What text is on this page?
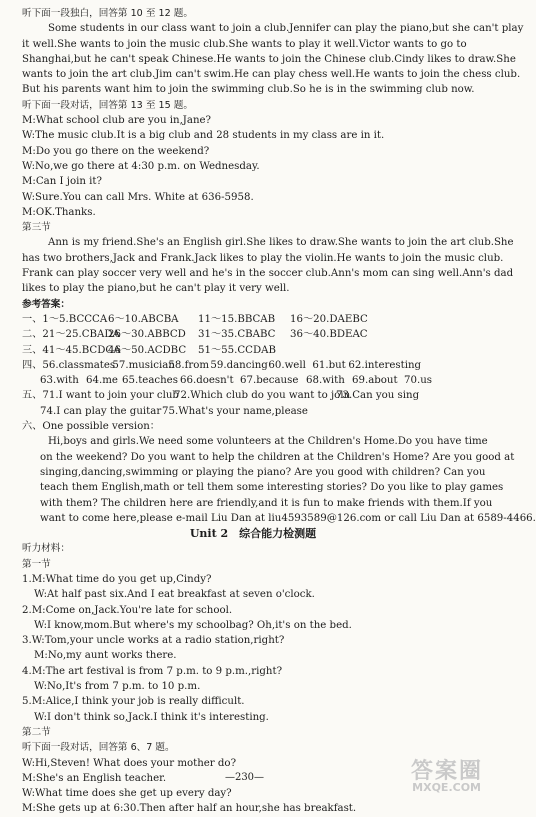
听下面一段独白，回答第 10 至 12 题。
Some students in our class want to join a club.Jennifer can play the piano,but she can't play
it well.She wants to join the music club.She wants to play it well.Victor wants to go to
Shanghai,but he can't speak Chinese.He wants to join the Chinese club.Cindy likes to draw.She
wants to join the art club.Jim can't swim.He can play chess well.He wants to join the chess club.
But his parents want him to join the swimming club.So he is in the swimming club now.
听下面一段对话，回答第 13 至 15 题。
M:What school club are you in,Jane?
W:The music club.It is a big club and 28 students in my class are in it.
M:Do you go there on the weekend?
W:No,we go there at 4:30 p.m. on Wednesday.
M:Can I join it?
W:Sure.You can call Mrs. White at 636-5958.
M:OK.Thanks.
第三节
Ann is my friend.She's an English girl.She likes to draw.She wants to join the art club.She
has two brothers,Jack and Frank.Jack likes to play the violin.He wants to join the music club.
Frank can play soccer very well and he's in the soccer club.Ann's mom can sing well.Ann's dad
likes to play the piano,but he can't play it very well.
参考答案：
一、1～5.BCCCA6～10.ABCBA 11～15.BBCAB 16～20.DAEBC
二、21～25.CBADA26～30.ABBCD 31～35.CBABC 36～40.BDEAC
三、41～45.BCDCA46～50.ACDBC 51～55.CCDAB
四、56.classmates57.musician58.from59.dancing60.well 61.but 62.interesting
63.with 64.me 65.teaches 66.doesn't 67.because 68.with 69.about 70.us
五、71.I want to join your club72.Which club do you want to join73.Can you sing
74.I can play the guitar75.What's your name,please
六、One possible version：
Hi,boys and girls.We need some volunteers at the Children's Home.Do you have time
on the weekend? Do you want to help the children at the Children's Home? Are you good at
singing,dancing,swimming or playing the piano? Are you good with children? Can you
teach them English,math or tell them some interesting stories? Do you like to play games
with them? The children here are friendly,and it is fun to make friends with them.If you
want to come here,please e-mail Liu Dan at liu4593589@126.com or call Liu Dan at 6589-4466.
Unit 2　综合能力检测题
听力材料：
第一节
1.M:What time do you get up,Cindy?
W:At half past six.And I eat breakfast at seven o'clock.
2.M:Come on,Jack.You're late for school.
W:I know,mom.But where's my schoolbag? Oh,it's on the bed.
3.W:Tom,your uncle works at a radio station,right?
M:No,my aunt works there.
4.M:The art festival is from 7 p.m. to 9 p.m.,right?
W:No,It's from 7 p.m. to 10 p.m.
5.M:Alice,I think your job is really difficult.
W:I don't think so,Jack.I think it's interesting.
第二节
听下面一段对话，回答第 6、7 题。
W:Hi,Steven! What does your mother do?
M:She's an English teacher.
W:What time does she get up every day?
M:She gets up at 6:30.Then after half an hour,she has breakfast.
—230—	答案圈
MXQE.COM
